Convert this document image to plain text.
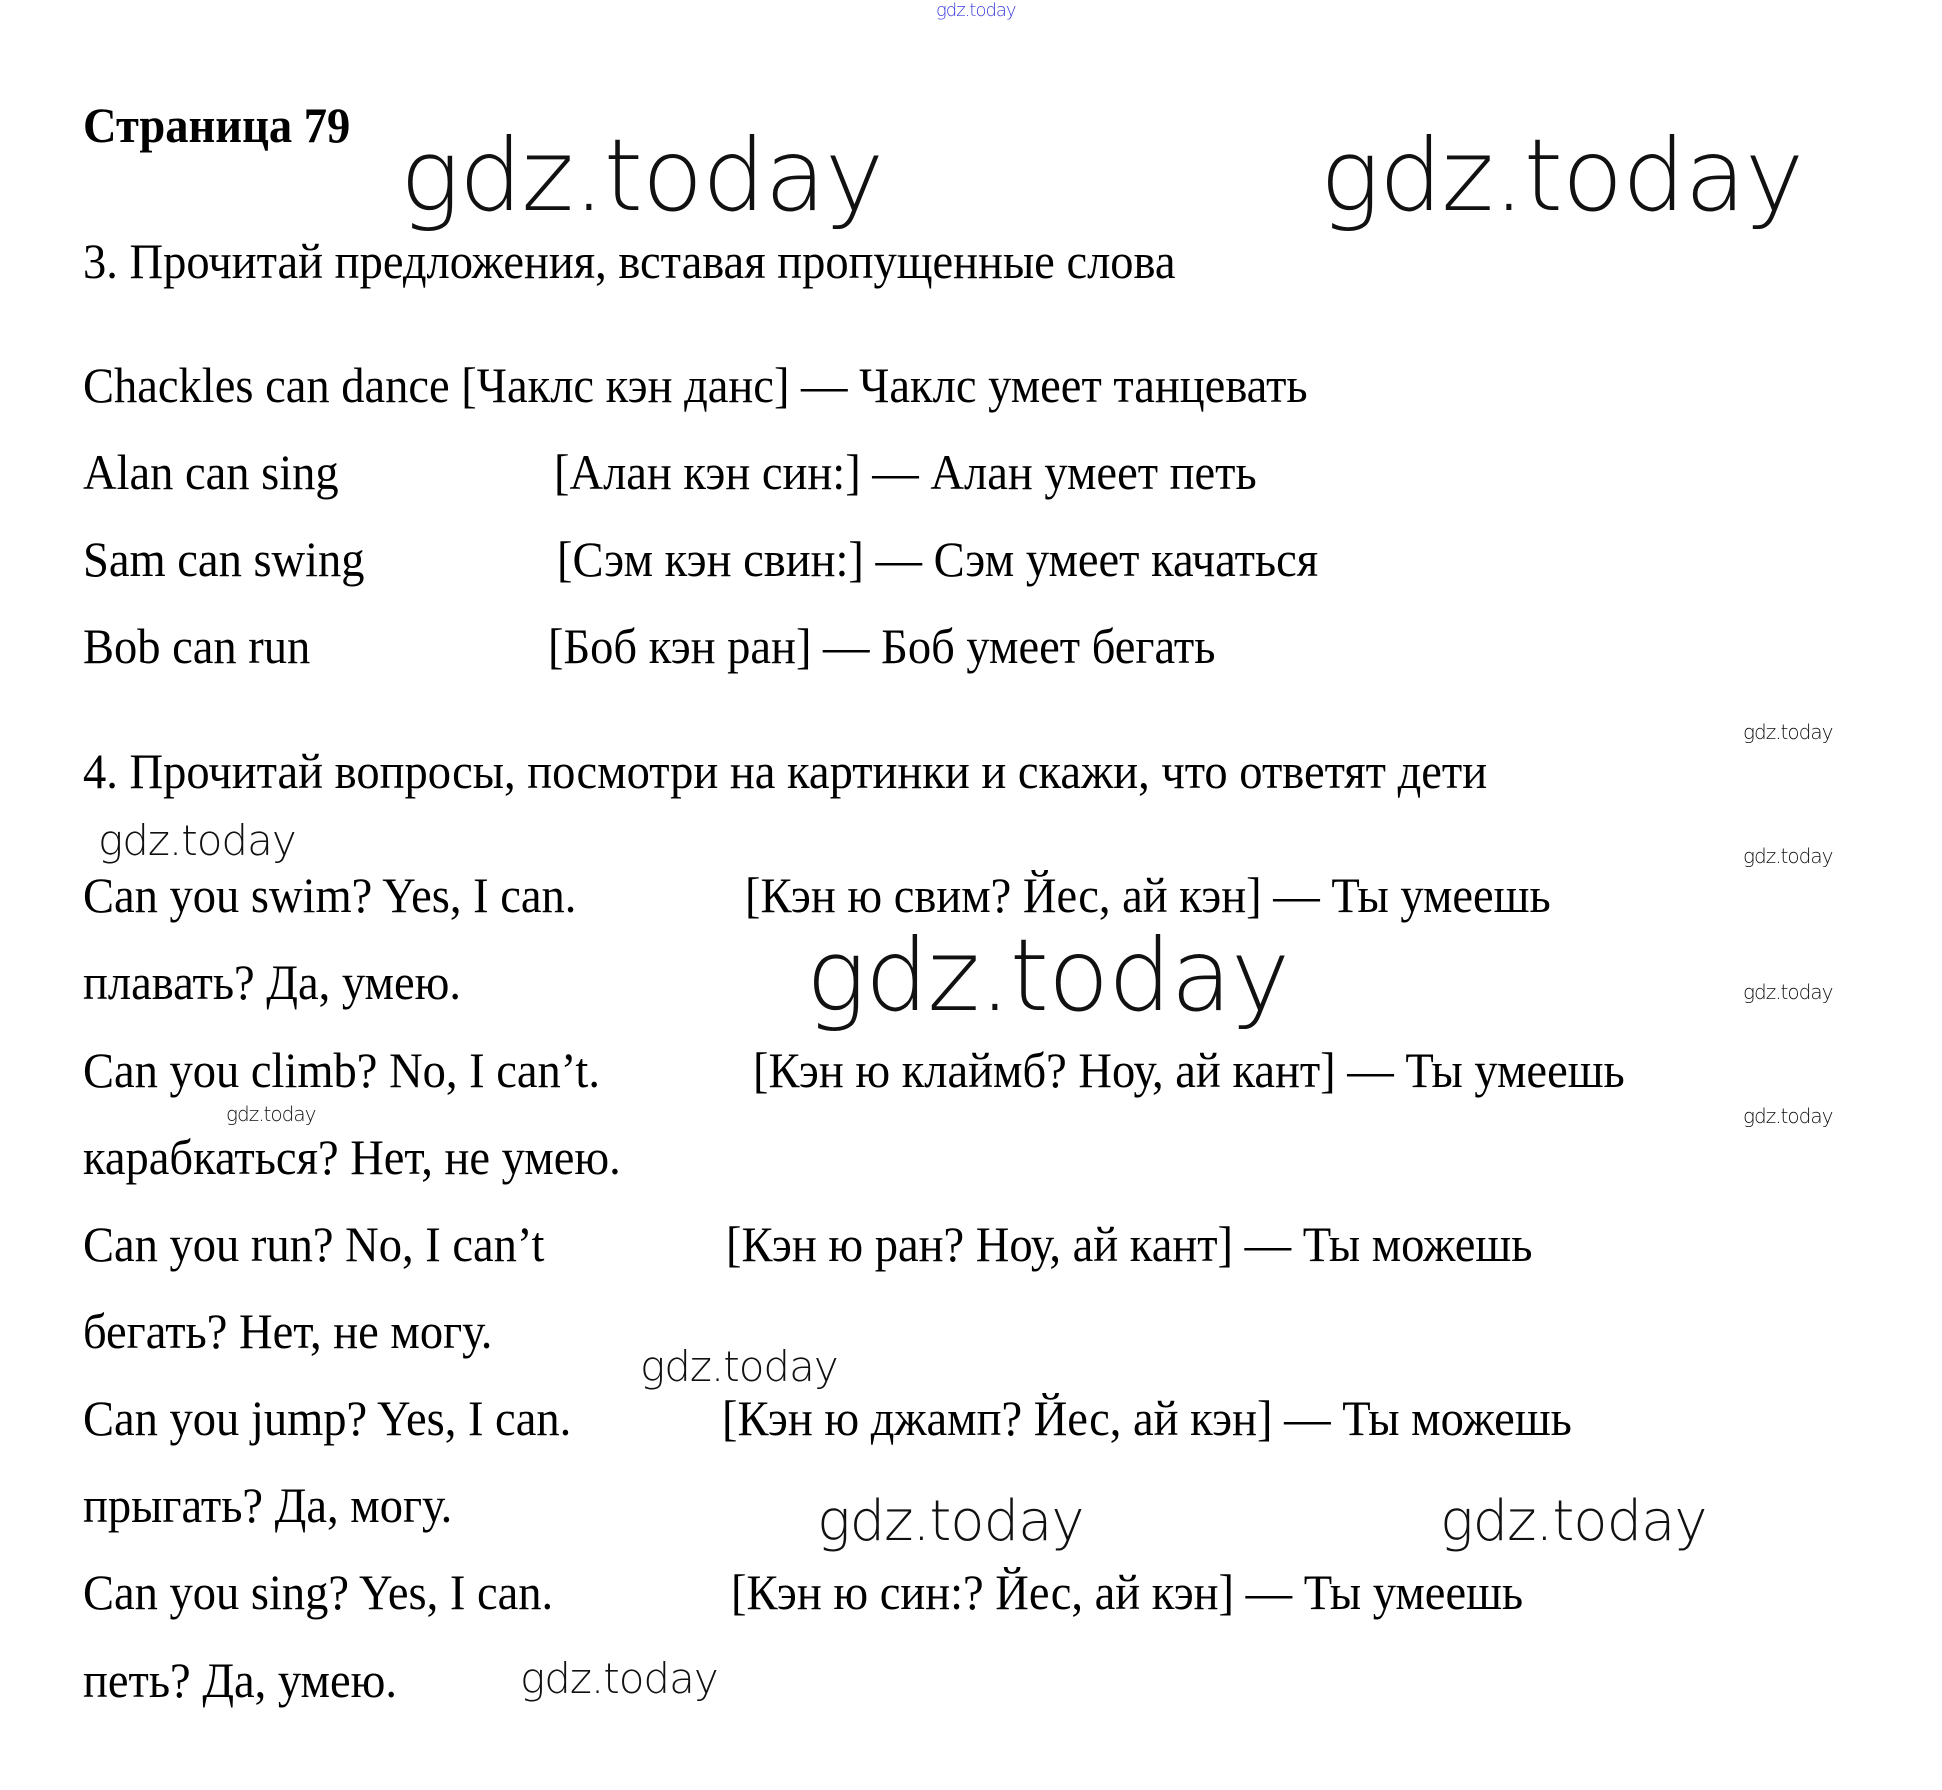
gdz.today
Страница 79 gdz.today	gdz.today
3. Прочитай предложения, вставая пропущенные слова
Chackles can dance [Чаклс кэн данс] — Чаклс умеет танцевать
Alan can sing	[Алан кэн син:] — Алан умеет петь
Sam can swing	[Сэм кэн свин:] — Сэм умеет качаться
Bob can run	[Боб кэн ран] — Боб умеет бегать
gdz.today
4. Прочитай вопросы, посмотри на картинки и скажи, что ответят дети
gdz.today	gdz.today
Can you swim? Yes, I can.	[Кэн ю свим? Йес, ай кэн] — Ты умеешь
gdz.today
плавать? Да, умею.	gdz.today
Can you climb? No, I can’t.	[Кэн ю клаймб? Ноу, ай кант] — Ты умеешь
gdz.today
gdz.today
карабкаться? Нет, не умею.
Can you run? No, I can’t	[Кэн ю ран? Ноу, ай кант] — Ты можешь
бегать? Нет, не могу.
gdz.today
Can you jump? Yes, I can.	[Кэн ю джамп? Йес, ай кэн] — Ты можешь
прыгать? Да, могу.	gdz.today	gdz.today
Can you sing? Yes, I can.	[Кэн ю син:? Йес, ай кэн] — Ты умеешь
gdz.today
петь? Да, умею.
